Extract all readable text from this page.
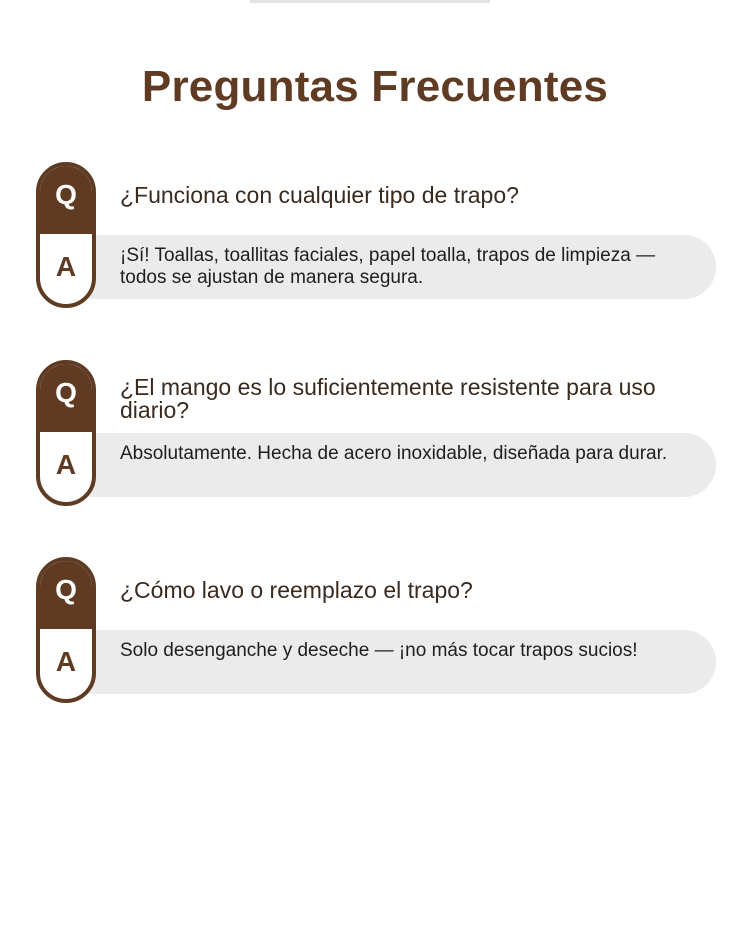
Preguntas Frecuentes
Q
A

¿Funciona con cualquier tipo de trapo?

¡Sí! Toallas, toallitas faciales, papel toalla, trapos de limpieza — todos se ajustan de manera segura.

Q
A

¿El mango es lo suficientemente resistente para uso diario?

Absolutamente. Hecha de acero inoxidable, diseñada para durar.

Q
A

¿Cómo lavo o reemplazo el trapo?

Solo desenganche y deseche — ¡no más tocar trapos sucios!
